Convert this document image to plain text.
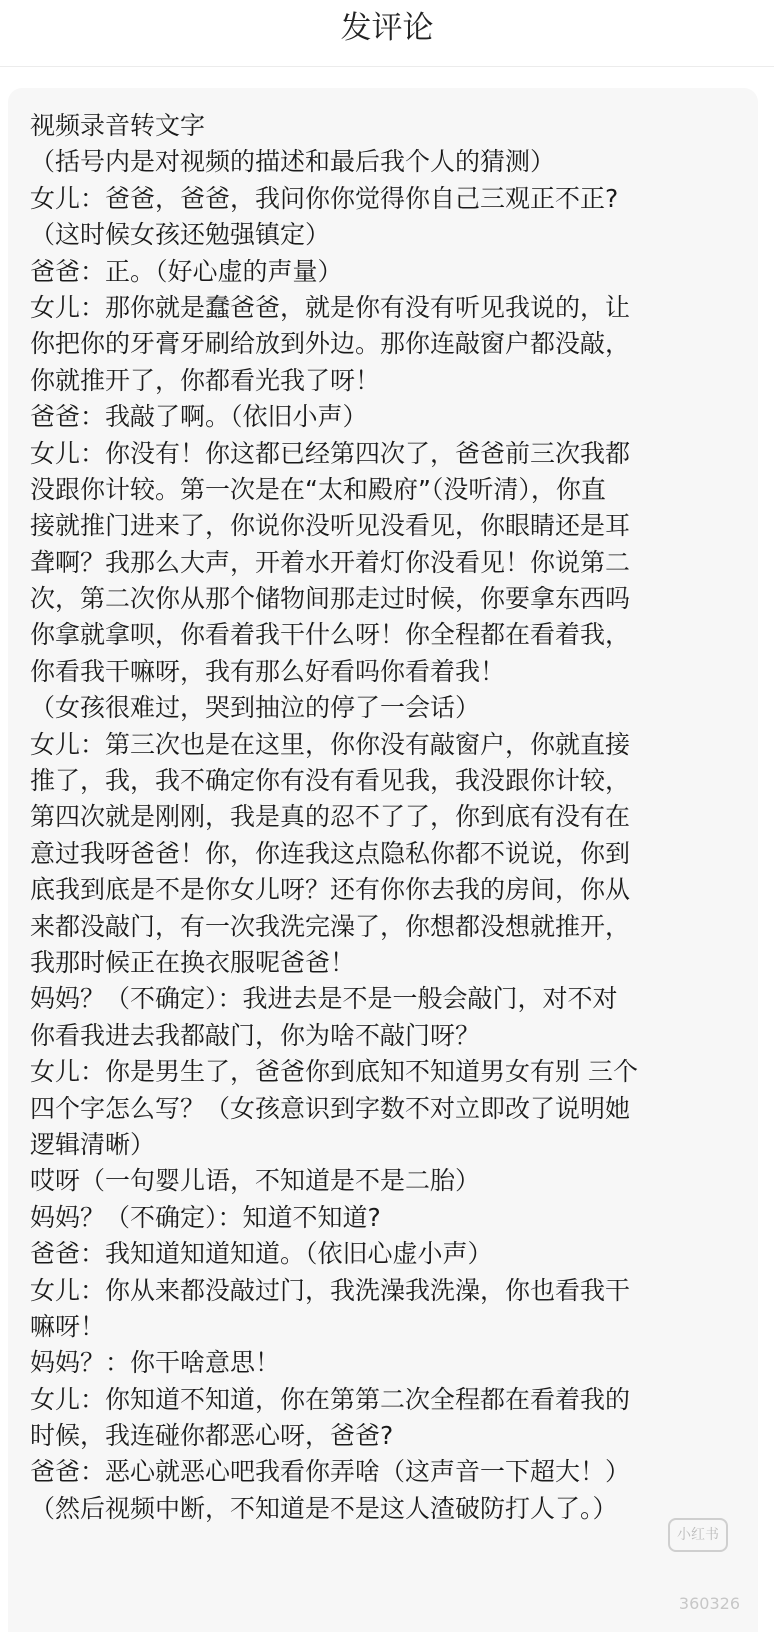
发评论
视频录音转文字
（括号内是对视频的描述和最后我个人的猜测）
女儿：爸爸，爸爸，我问你你觉得你自己三观正不正?
（这时候女孩还勉强镇定）
爸爸：正。（好心虚的声量）
女儿：那你就是蠢爸爸，就是你有没有听见我说的，让
你把你的牙膏牙刷给放到外边。那你连敲窗户都没敲，
你就推开了，你都看光我了呀！
爸爸：我敲了啊。（依旧小声）
女儿：你没有！你这都已经第四次了，爸爸前三次我都
没跟你计较。第一次是在“太和殿府”（没听清），你直
接就推门进来了，你说你没听见没看见，你眼睛还是耳
聋啊？我那么大声，开着水开着灯你没看见！你说第二
次，第二次你从那个储物间那走过时候，你要拿东西吗
你拿就拿呗，你看着我干什么呀！你全程都在看着我，
你看我干嘛呀，我有那么好看吗你看着我！
（女孩很难过，哭到抽泣的停了一会话）
女儿：第三次也是在这里，你你没有敲窗户，你就直接
推了，我，我不确定你有没有看见我，我没跟你计较，
第四次就是刚刚，我是真的忍不了了，你到底有没有在
意过我呀爸爸！你，你连我这点隐私你都不说说，你到
底我到底是不是你女儿呀？还有你你去我的房间，你从
来都没敲门，有一次我洗完澡了，你想都没想就推开，
我那时候正在换衣服呢爸爸！
妈妈？（不确定）：我进去是不是一般会敲门，对不对
你看我进去我都敲门，你为啥不敲门呀？
女儿：你是男生了，爸爸你到底知不知道男女有别 三个
四个字怎么写？（女孩意识到字数不对立即改了说明她
逻辑清晰）
哎呀（一句婴儿语，不知道是不是二胎）
妈妈？（不确定）：知道不知道?
爸爸：我知道知道知道。（依旧心虚小声）
女儿：你从来都没敲过门，我洗澡我洗澡，你也看我干
嘛呀！
妈妈？：你干啥意思！
女儿：你知道不知道，你在第第二次全程都在看着我的
时候，我连碰你都恶心呀，爸爸?
爸爸：恶心就恶心吧我看你弄啥（这声音一下超大！）
（然后视频中断，不知道是不是这人渣破防打人了。）
小红书
360326
